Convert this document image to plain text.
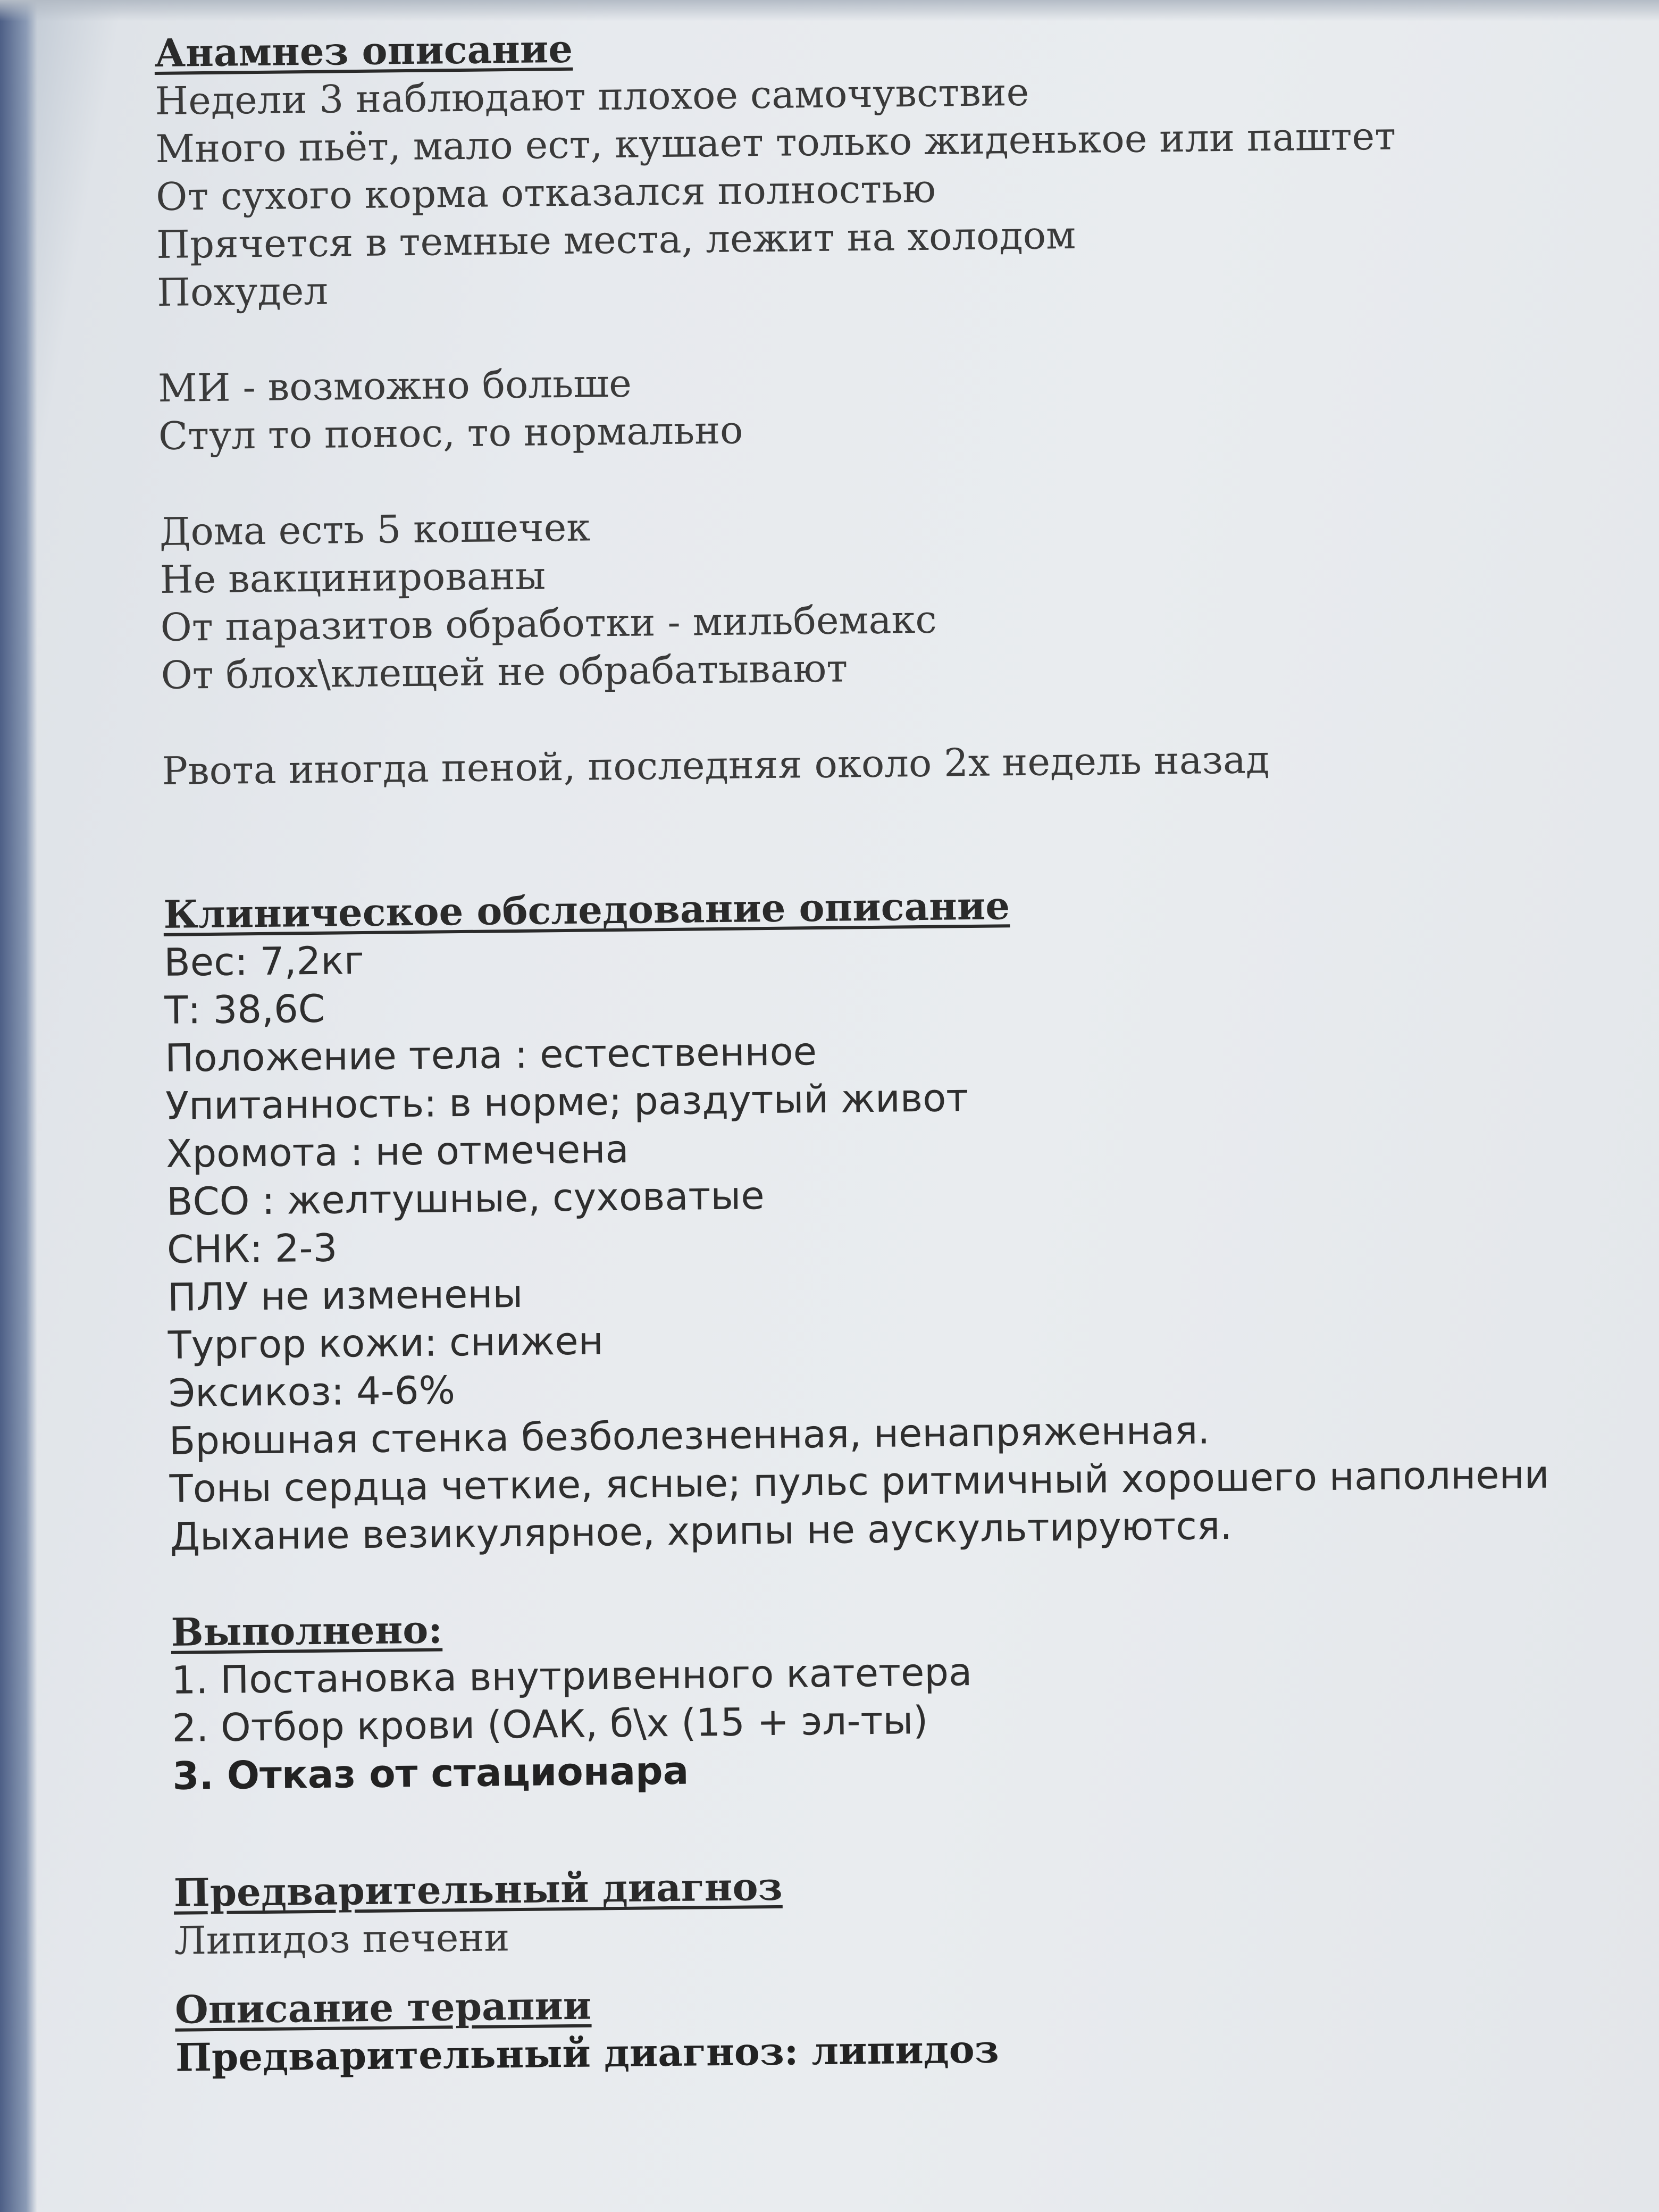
Анамнез описание
Недели 3 наблюдают плохое самочувствие
Много пьёт, мало ест, кушает только жиденькое или паштет
От сухого корма отказался полностью
Прячется в темные места, лежит на холодом
Похудел
МИ - возможно больше
Стул то понос, то нормально
Дома есть 5 кошечек
Не вакцинированы
От паразитов обработки - мильбемакс
От блох\клещей не обрабатывают
Рвота иногда пеной, последняя около 2х недель назад
Клиническое обследование описание
Вес: 7,2кг
Т: 38,6С
Положение тела : естественное
Упитанность: в норме; раздутый живот
Хромота : не отмечена
ВСО : желтушные, суховатые
СНК: 2-3
ПЛУ не изменены
Тургор кожи: снижен
Эксикоз: 4-6%
Брюшная стенка безболезненная, ненапряженная.
Тоны сердца четкие, ясные; пульс ритмичный хорошего наполнени
Дыхание везикулярное, хрипы не аускультируются.
Выполнено:
1. Постановка внутривенного катетера
2. Отбор крови (ОАК, б\х (15 + эл-ты)
3. Отказ от стационара
Предварительный диагноз
Липидоз печени
Описание терапии
Предварительный диагноз: липидоз
